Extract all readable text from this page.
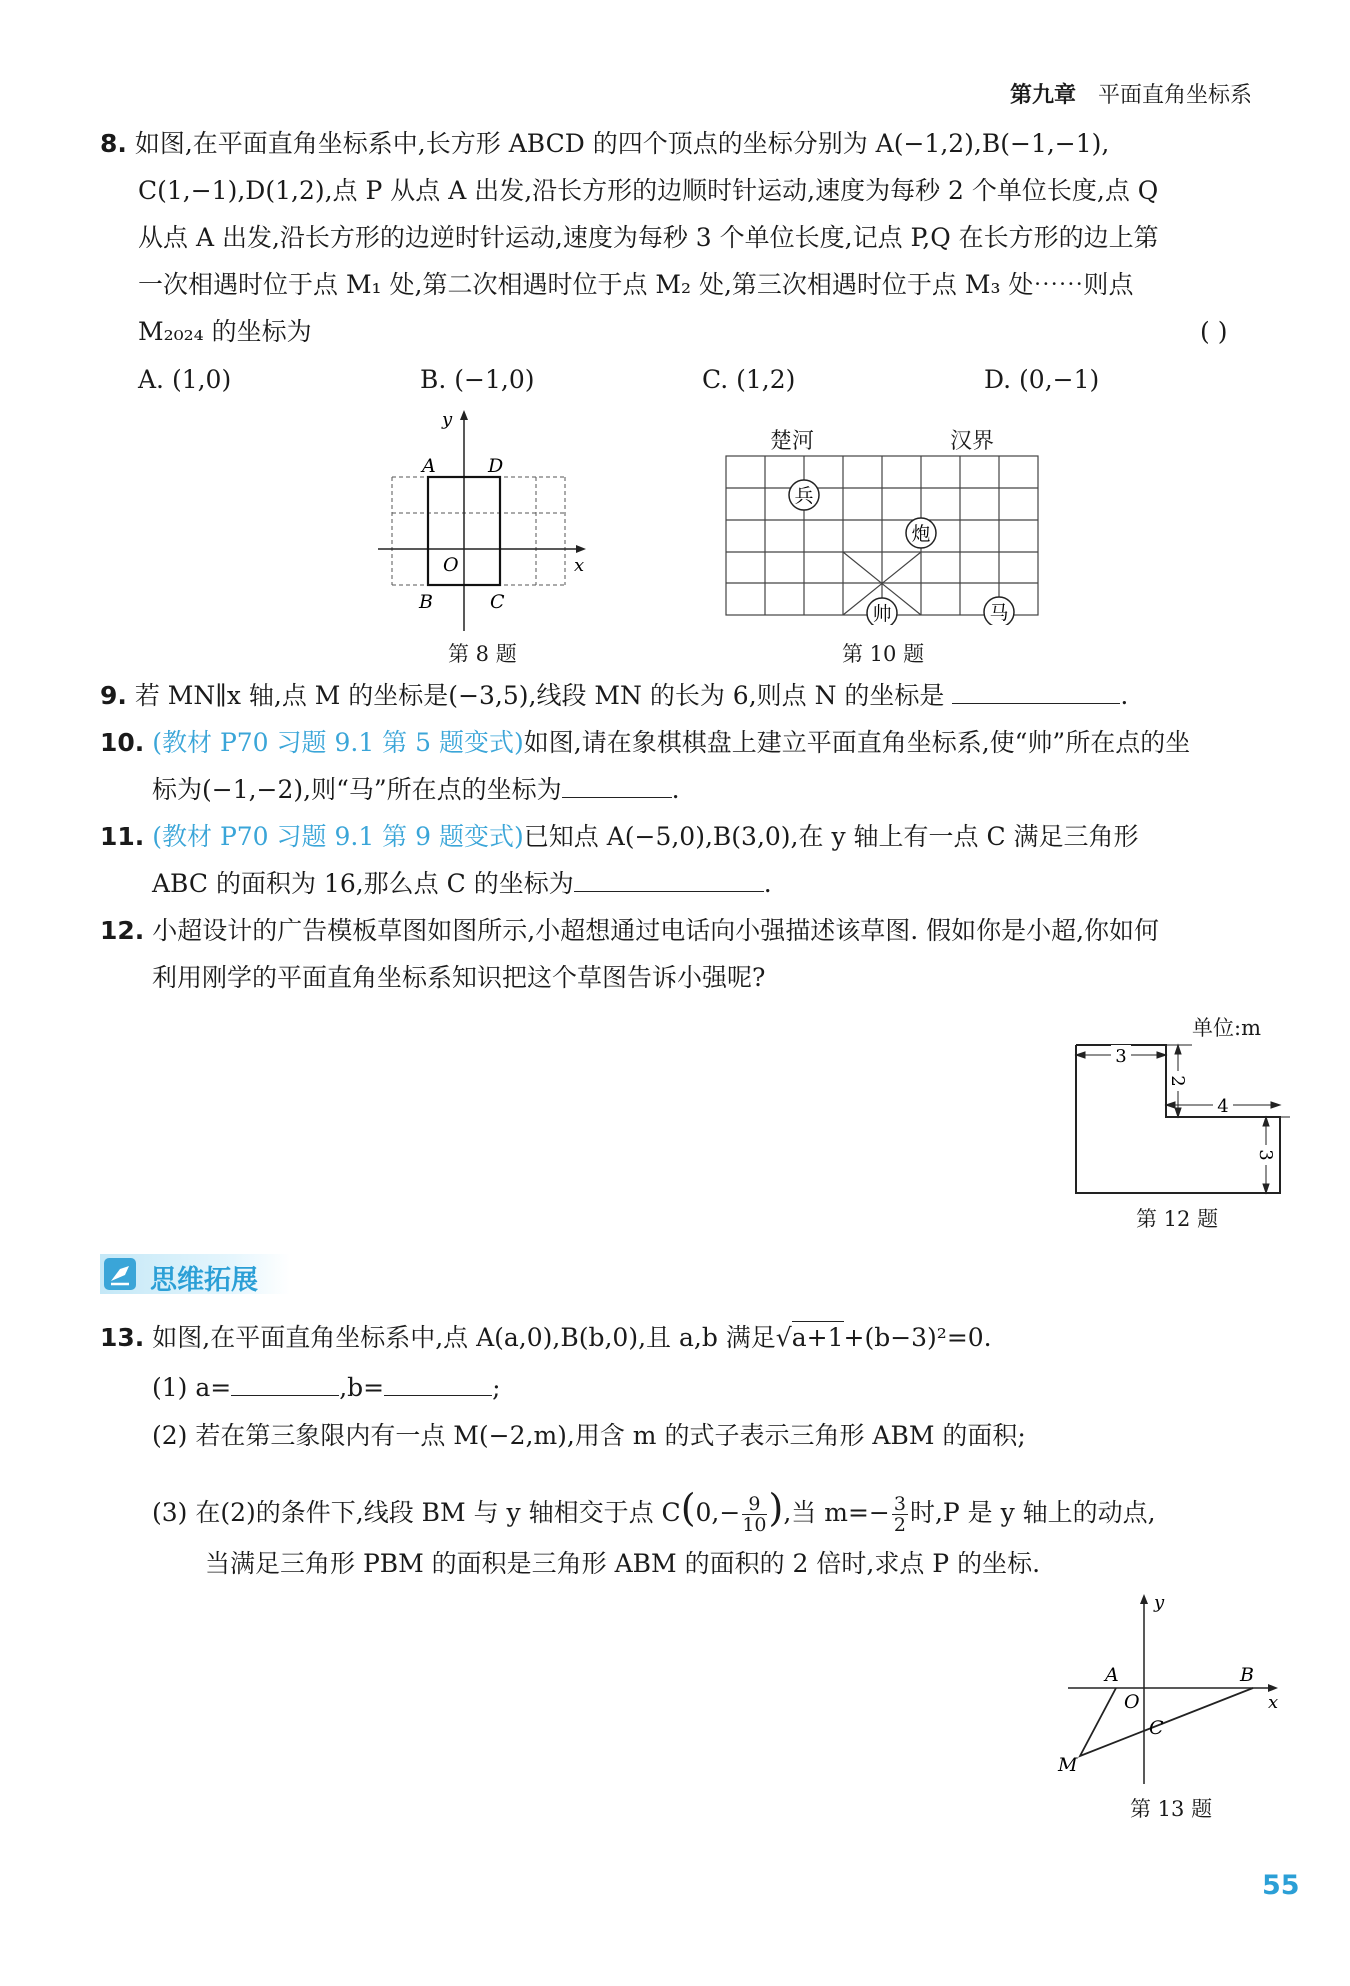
第九章 平面直角坐标系
8. 如图,在平面直角坐标系中,长方形 ABCD 的四个顶点的坐标分别为 A(−1,2),B(−1,−1),
C(1,−1),D(1,2),点 P 从点 A 出发,沿长方形的边顺时针运动,速度为每秒 2 个单位长度,点 Q
从点 A 出发,沿长方形的边逆时针运动,速度为每秒 3 个单位长度,记点 P,Q 在长方形的边上第
一次相遇时位于点 M₁ 处,第二次相遇时位于点 M₂ 处,第三次相遇时位于点 M₃ 处⋯⋯则点
M₂₀₂₄ 的坐标为	( )
A. (1,0)	B. (−1,0)	C. (1,2)	D. (0,−1)
y
x
A	D
O
B	C
第 8 题
楚河	汉界
兵
炮
帅	马
第 10 题
9. 若 MN∥x 轴,点 M 的坐标是(−3,5),线段 MN 的长为 6,则点 N 的坐标是	.
10. (教材 P70 习题 9.1 第 5 题变式)如图,请在象棋棋盘上建立平面直角坐标系,使“帅”所在点的坐
标为(−1,−2),则“马”所在点的坐标为	.
11. (教材 P70 习题 9.1 第 9 题变式)已知点 A(−5,0),B(3,0),在 y 轴上有一点 C 满足三角形
ABC 的面积为 16,那么点 C 的坐标为	.
12. 小超设计的广告模板草图如图所示,小超想通过电话向小强描述该草图. 假如你是小超,你如何
利用刚学的平面直角坐标系知识把这个草图告诉小强呢?
单位:m
3
2
4
3
第 12 题
思维拓展
13. 如图,在平面直角坐标系中,点 A(a,0),B(b,0),且 a,b 满足√a+1+(b−3)²=0.
(1) a=	,b=	;
(2) 若在第三象限内有一点 M(−2,m),用含 m 的式子表示三角形 ABM 的面积;
(3) 在(2)的条件下,线段 BM 与 y 轴相交于点 $C(0,- \frac{9}{10}$ ),当 $m=- \frac{3}{2}$ 时,P 是 y 轴上的动点,
当满足三角形 PBM 的面积是三角形 ABM 的面积的 2 倍时,求点 P 的坐标.
y
x
A
O
B
C
M
第 13 题
55
